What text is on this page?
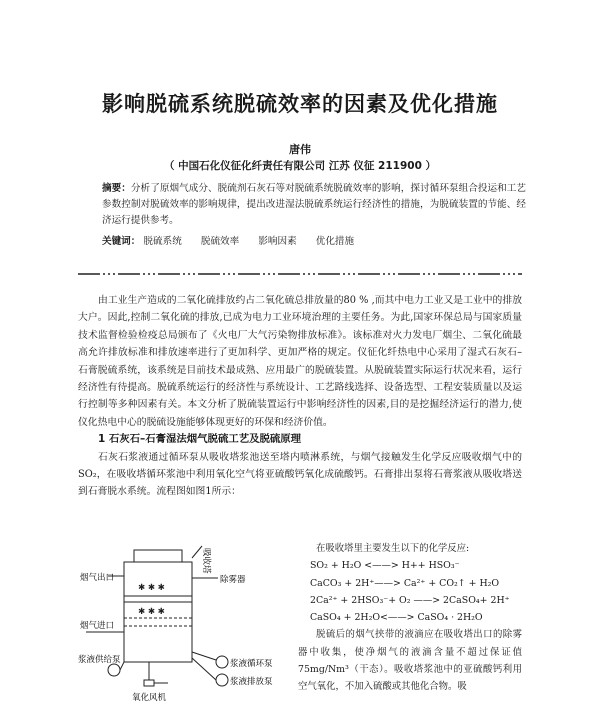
影响脱硫系统脱硫效率的因素及优化措施
唐伟
（ 中国石化仪征化纤责任有限公司 江苏 仪征 211900 ）
摘要：分析了原烟气成分、脱硫剂石灰石等对脱硫系统脱硫效率的影响，探讨循环泵组合投运和工艺参数控制对脱硫效率的影响规律，提出改进湿法脱硫系统运行经济性的措施，为脱硫装置的节能、经济运行提供参考。
关键词： 脱硫系统 脱硫效率 影响因素 优化措施

由工业生产造成的二氧化硫排放约占二氧化硫总排放量的80 % ,而其中电力工业又是工业中的排放大户。因此,控制二氧化硫的排放,已成为电力工业环境治理的主要任务。为此,国家环保总局与国家质量技术监督检验检疫总局颁布了《火电厂大气污染物排放标准》。该标准对火力发电厂烟尘、二氧化硫最高允许排放标准和排放速率进行了更加科学、更加严格的规定。仪征化纤热电中心采用了湿式石灰石–石膏脱硫系统，该系统是目前技术最成熟、应用最广的脱硫装置。从脱硫装置实际运行状况来看，运行经济性有待提高。脱硫系统运行的经济性与系统设计、工艺路线选择、设备选型、工程安装质量以及运行控制等多种因素有关。本文分析了脱硫装置运行中影响经济性的因素,目的是挖掘经济运行的潜力,使仪化热电中心的脱硫设施能够体现更好的环保和经济价值。

1 石灰石–石膏湿法烟气脱硫工艺及脱硫原理

石灰石浆液通过循环泵从吸收塔浆池送至塔内喷淋系统，与烟气接触发生化学反应吸收烟气中的SO₂，在吸收塔循环浆池中利用氧化空气将亚硫酸钙氧化成硫酸钙。石膏排出泵将石膏浆液从吸收塔送到石膏脱水系统。流程图如图1所示：

✱ ✱ ✱
✱ ✱ ✱
吸收塔
烟气出口	除雾器
烟气进口
浆液供给泵	浆液循环泵
浆液排放泵
氧化风机

在吸收塔里主要发生以下的化学反应:

SO₂ + H₂O <——> H++ HSO₃⁻
CaCO₃ + 2H⁺——> Ca²⁺ + CO₂↑ + H₂O
2Ca²⁺ + 2HSO₃⁻+ O₂ ——> 2CaSO₄+ 2H⁺
CaSO₄ + 2H₂O<——> CaSO₄ · 2H₂O

脱硫后的烟气挟带的液滴应在吸收塔出口的除雾器中收集，使净烟气的液滴含量不超过保证值75mg/Nm³（干态）。吸收塔浆池中的亚硫酸钙利用空气氧化，不加入硫酸或其他化合物。吸
